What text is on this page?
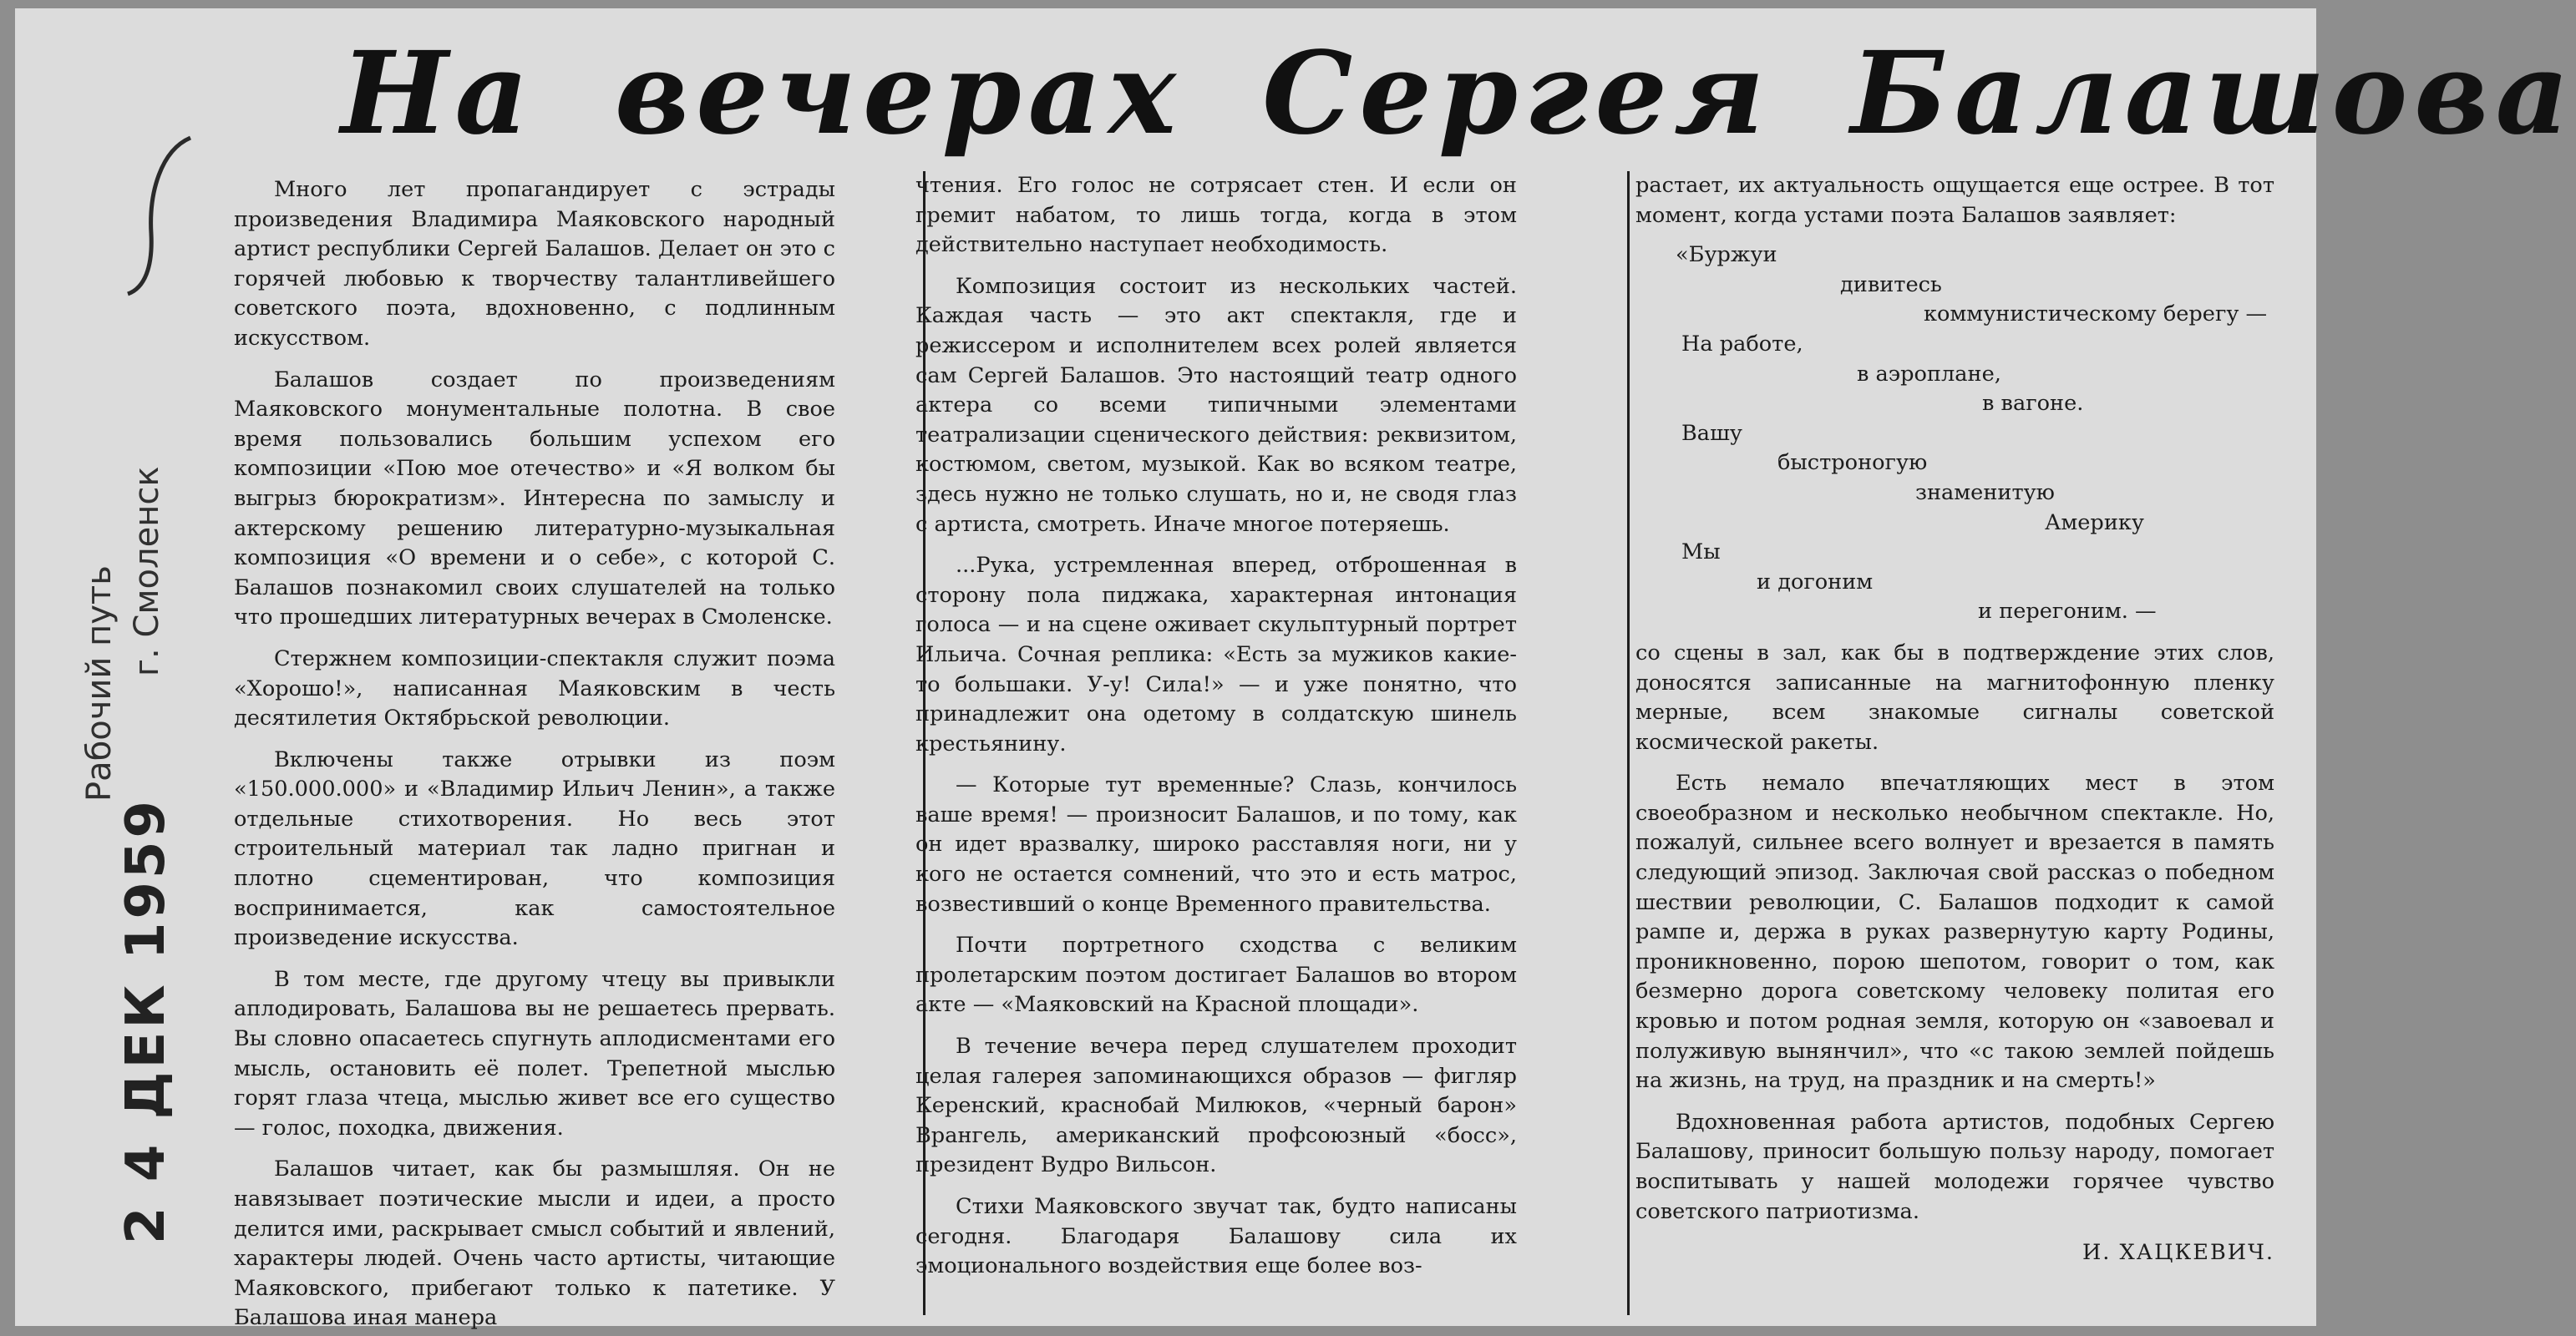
На вечерах Сергея Балашова
Рабочий путь г. Смоленск
2 4 ДЕК 1959

Много лет пропагандирует с эстрады произведения Владимира Маяковского народный артист республики Сергей Балашов. Делает он это с горячей любовью к творчеству талантливейшего советского поэта, вдохновенно, с подлинным искусством.

Балашов создает по произведениям Маяковского монументальные полотна. В свое время пользовались большим успехом его композиции «Пою мое отечество» и «Я волком бы выгрыз бюрократизм». Интересна по замыслу и актерскому решению литературно-музыкальная композиция «О времени и о себе», с которой С. Балашов познакомил своих слушателей на только что прошедших литературных вечерах в Смоленске.

Стержнем композиции-спектакля служит поэма «Хорошо!», написанная Маяковским в честь десятилетия Октябрьской революции.

Включены также отрывки из поэм «150.000.000» и «Владимир Ильич Ленин», а также отдельные стихотворения. Но весь этот строительный материал так ладно пригнан и плотно сцементирован, что композиция воспринимается, как самостоятельное произведение искусства.

В том месте, где другому чтецу вы привыкли аплодировать, Балашова вы не решаетесь прервать. Вы словно опасаетесь спугнуть аплодисментами его мысль, остановить её полет. Трепетной мыслью горят глаза чтеца, мыслью живет все его существо — голос, походка, движения.

Балашов читает, как бы размышляя. Он не навязывает поэтические мысли и идеи, а просто делится ими, раскрывает смысл событий и явлений, характеры людей. Очень часто артисты, читающие Маяковского, прибегают только к патетике. У Балашова иная манера

чтения. Его голос не сотрясает стен. И если он гремит набатом, то лишь тогда, когда в этом действительно наступает необходимость.

Композиция состоит из нескольких частей. Каждая часть — это акт спектакля, где и режиссером и исполнителем всех ролей является сам Сергей Балашов. Это настоящий театр одного актера со всеми типичными элементами театрализации сценического действия: реквизитом, костюмом, светом, музыкой. Как во всяком театре, здесь нужно не только слушать, но и, не сводя глаз с артиста, смотреть. Иначе многое потеряешь.

...Рука, устремленная вперед, отброшенная в сторону пола пиджака, характерная интонация голоса — и на сцене оживает скульптурный портрет Ильича. Сочная реплика: «Есть за мужиков какие-то большаки. У-у! Сила!» — и уже понятно, что принадлежит она одетому в солдатскую шинель крестьянину.

— Которые тут временные? Слазь, кончилось ваше время! — произносит Балашов, и по тому, как он идет вразвалку, широко расставляя ноги, ни у кого не остается сомнений, что это и есть матрос, возвестивший о конце Временного правительства.

Почти портретного сходства с великим пролетарским поэтом достигает Балашов во втором акте — «Маяковский на Красной площади».

В течение вечера перед слушателем проходит целая галерея запоминающихся образов — фигляр Керенский, краснобай Милюков, «черный барон» Врангель, американский профсоюзный «босс», президент Вудро Вильсон.

Стихи Маяковского звучат так, будто написаны сегодня. Благодаря Балашову сила их эмоционального воздействия еще более воз-

растает, их актуальность ощущается еще острее. В тот момент, когда устами поэта Балашов заявляет:

«Буржуи
дивитесь
коммунистическому берегу —
На работе,
в аэроплане,
в вагоне.
Вашу
быстроногую
знаменитую
Америку
Мы
и догоним
и перегоним. —

со сцены в зал, как бы в подтверждение этих слов, доносятся записанные на магнитофонную пленку мерные, всем знакомые сигналы советской космической ракеты.

Есть немало впечатляющих мест в этом своеобразном и несколько необычном спектакле. Но, пожалуй, сильнее всего волнует и врезается в память следующий эпизод. Заключая свой рассказ о победном шествии революции, С. Балашов подходит к самой рампе и, держа в руках развернутую карту Родины, проникновенно, порою шепотом, говорит о том, как безмерно дорога советскому человеку политая его кровью и потом родная земля, которую он «завоевал и полуживую вынянчил», что «с такою землей пойдешь на жизнь, на труд, на праздник и на смерть!»

Вдохновенная работа артистов, подобных Сергею Балашову, приносит большую пользу народу, помогает воспитывать у нашей молодежи горячее чувство советского патриотизма.

И. ХАЦКЕВИЧ.
